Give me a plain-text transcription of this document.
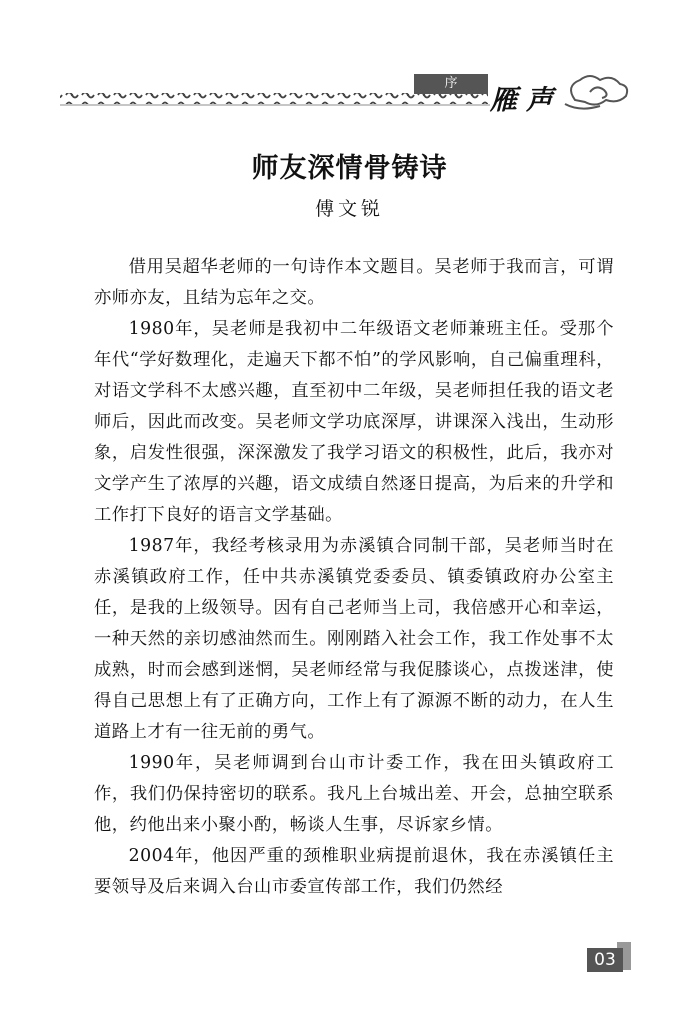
序
雁声
师友深情骨铸诗
傅文锐

借用吴超华老师的一句诗作本文题目。吴老师于我而言，可谓亦师亦友，且结为忘年之交。

1980年，吴老师是我初中二年级语文老师兼班主任。受那个年代“学好数理化，走遍天下都不怕”的学风影响，自己偏重理科，对语文学科不太感兴趣，直至初中二年级，吴老师担任我的语文老师后，因此而改变。吴老师文学功底深厚，讲课深入浅出，生动形象，启发性很强，深深激发了我学习语文的积极性，此后，我亦对文学产生了浓厚的兴趣，语文成绩自然逐日提高，为后来的升学和工作打下良好的语言文学基础。

1987年，我经考核录用为赤溪镇合同制干部，吴老师当时在赤溪镇政府工作，任中共赤溪镇党委委员、镇委镇政府办公室主任，是我的上级领导。因有自己老师当上司，我倍感开心和幸运，一种天然的亲切感油然而生。刚刚踏入社会工作，我工作处事不太成熟，时而会感到迷惘，吴老师经常与我促膝谈心，点拨迷津，使得自己思想上有了正确方向，工作上有了源源不断的动力，在人生道路上才有一往无前的勇气。

1990年，吴老师调到台山市计委工作，我在田头镇政府工作，我们仍保持密切的联系。我凡上台城出差、开会，总抽空联系他，约他出来小聚小酌，畅谈人生事，尽诉家乡情。

2004年，他因严重的颈椎职业病提前退休，我在赤溪镇任主要领导及后来调入台山市委宣传部工作，我们仍然经

03
